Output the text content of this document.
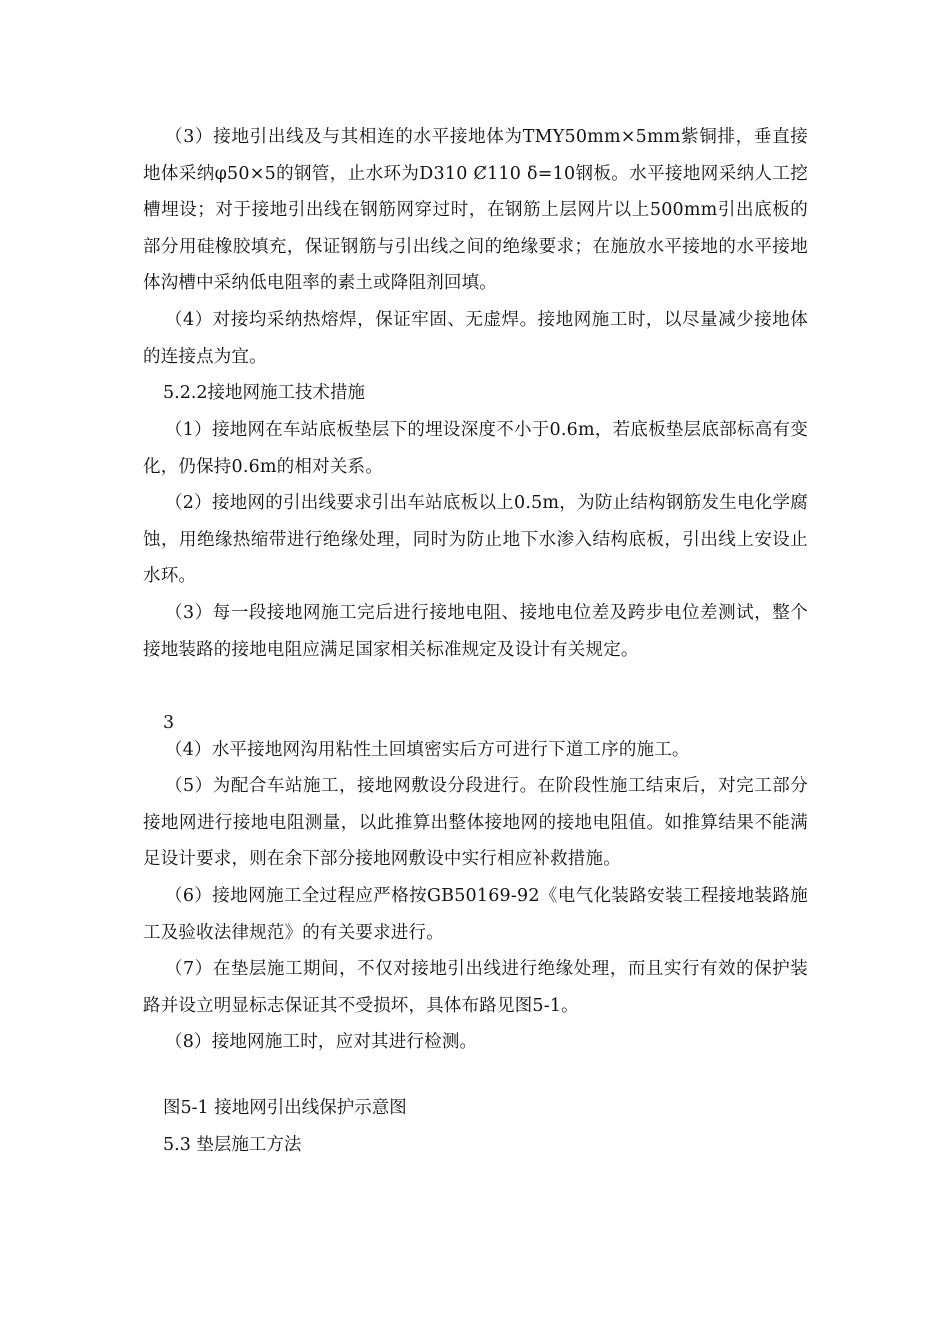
（3）接地引出线及与其相连的水平接地体为TMY50mm×5mm紫铜排，垂直接地体采纳φ50×5的钢管，止水环为D310 Ȼ110 δ=10钢板。水平接地网采纳人工挖槽埋设；对于接地引出线在钢筋网穿过时，在钢筋上层网片以上500mm引出底板的部分用硅橡胶填充，保证钢筋与引出线之间的绝缘要求；在施放水平接地的水平接地体沟槽中采纳低电阻率的素土或降阻剂回填。

（4）对接均采纳热熔焊，保证牢固、无虚焊。接地网施工时，以尽量减少接地体的连接点为宜。

5.2.2接地网施工技术措施

（1）接地网在车站底板垫层下的埋设深度不小于0.6m，若底板垫层底部标高有变化，仍保持0.6m的相对关系。

（2）接地网的引出线要求引出车站底板以上0.5m，为防止结构钢筋发生电化学腐蚀，用绝缘热缩带进行绝缘处理，同时为防止地下水渗入结构底板，引出线上安设止水环。

（3）每一段接地网施工完后进行接地电阻、接地电位差及跨步电位差测试，整个接地装路的接地电阻应满足国家相关标准规定及设计有关规定。

3

（4）水平接地网沟用粘性土回填密实后方可进行下道工序的施工。

（5）为配合车站施工，接地网敷设分段进行。在阶段性施工结束后，对完工部分接地网进行接地电阻测量，以此推算出整体接地网的接地电阻值。如推算结果不能满足设计要求，则在余下部分接地网敷设中实行相应补救措施。

（6）接地网施工全过程应严格按GB50169-92《电气化装路安装工程接地装路施工及验收法律规范》的有关要求进行。

（7）在垫层施工期间，不仅对接地引出线进行绝缘处理，而且实行有效的保护装路并设立明显标志保证其不受损坏，具体布路见图5-1。

（8）接地网施工时，应对其进行检测。

图5-1 接地网引出线保护示意图

5.3 垫层施工方法
